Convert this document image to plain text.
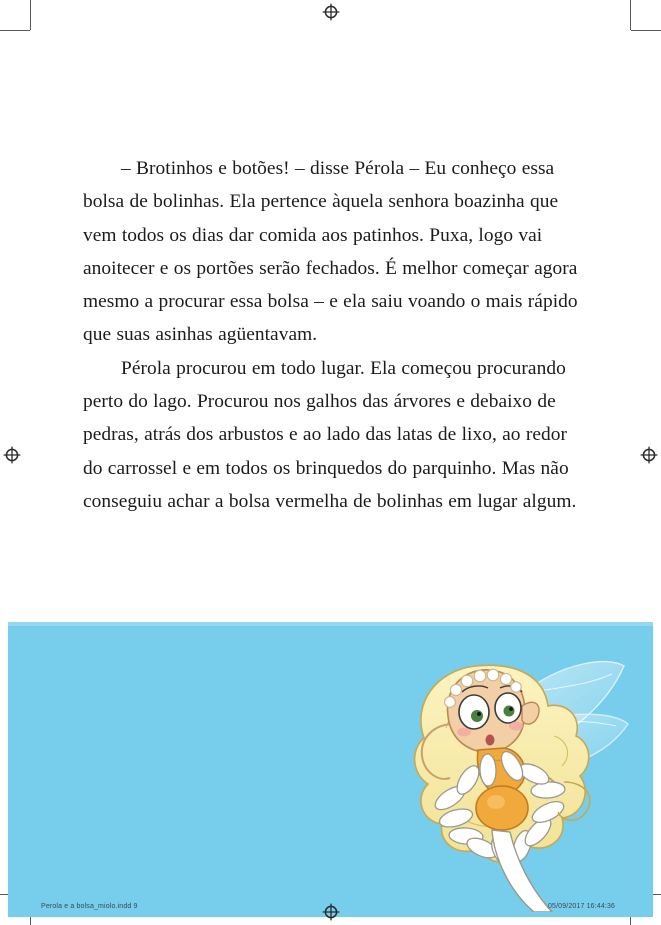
– Brotinhos e botões! – disse Pérola – Eu conheço essa bolsa de bolinhas. Ela pertence àquela senhora boazinha que vem todos os dias dar comida aos patinhos. Puxa, logo vai anoitecer e os portões serão fechados. É melhor começar agora mesmo a procurar essa bolsa – e ela saiu voando o mais rápido que suas asinhas agüentavam.

Pérola procurou em todo lugar. Ela começou procurando perto do lago. Procurou nos galhos das árvores e debaixo de pedras, atrás dos arbustos e ao lado das latas de lixo, ao redor do carrossel e em todos os brinquedos do parquinho. Mas não conseguiu achar a bolsa vermelha de bolinhas em lugar algum.

Perola e a bolsa_miolo.indd 9	05/09/2017 16:44:36
